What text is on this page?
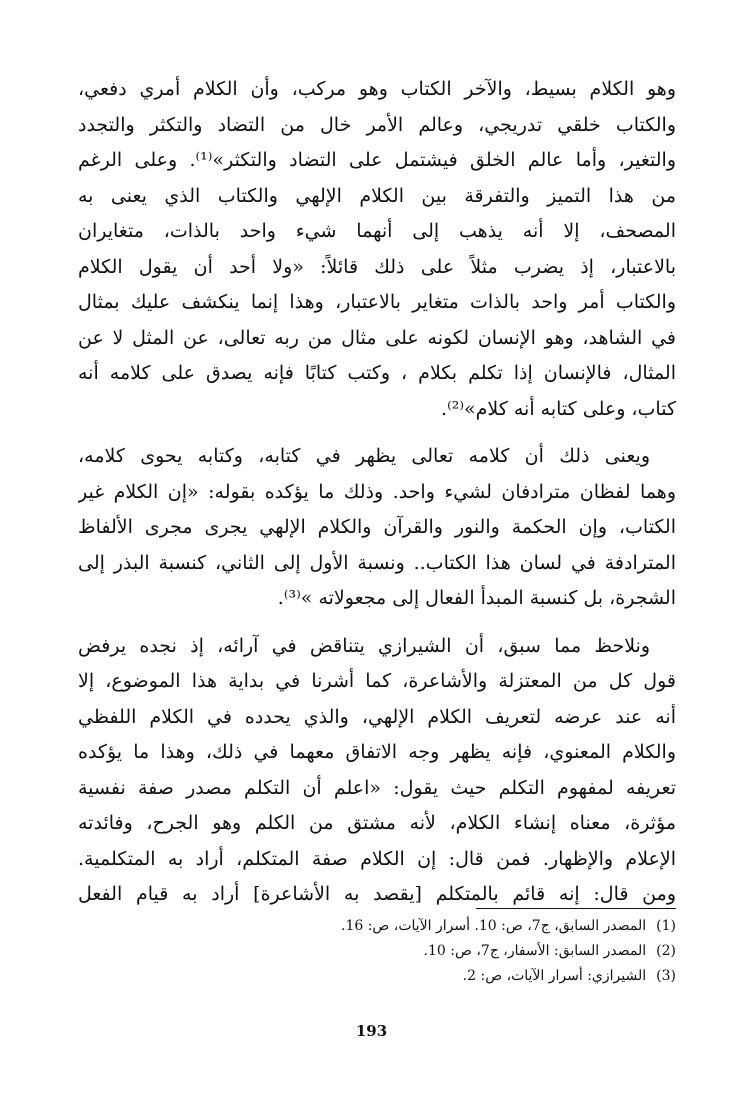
وهو الكلام بسيط، والآخر الكتاب وهو مركب، وأن الكلام أمري دفعي،
والكتاب خلقي تدريجي، وعالم الأمر خال من التضاد والتكثر والتجدد
والتغير، وأما عالم الخلق فيشتمل على التضاد والتكثر»⁽¹⁾. وعلى الرغم
من هذا التميز والتفرقة بين الكلام الإلهي والكتاب الذي يعنى به
المصحف، إلا أنه يذهب إلى أنهما شيء واحد بالذات، متغايران
بالاعتبار، إذ يضرب مثلاً على ذلك قائلاً: «ولا أحد أن يقول الكلام
والكتاب أمر واحد بالذات متغاير بالاعتبار، وهذا إنما ينكشف عليك بمثال
في الشاهد، وهو الإنسان لكونه على مثال من ربه تعالى، عن المثل لا عن
المثال، فالإنسان إذا تكلم بكلام ، وكتب كتابًا فإنه يصدق على كلامه أنه
كتاب، وعلى كتابه أنه كلام»⁽²⁾.

ويعنى ذلك أن كلامه تعالى يظهر في كتابه، وكتابه يحوى كلامه،
وهما لفظان مترادفان لشيء واحد. وذلك ما يؤكده بقوله: «إن الكلام غير
الكتاب، وإن الحكمة والنور والقرآن والكلام الإلهي يجرى مجرى الألفاظ
المترادفة في لسان هذا الكتاب.. ونسبة الأول إلى الثاني، كنسبة البذر إلى
الشجرة، بل كنسبة المبدأ الفعال إلى مجعولاته »⁽³⁾.

ونلاحظ مما سبق، أن الشيرازي يتناقض في آرائه، إذ نجده يرفض
قول كل من المعتزلة والأشاعرة، كما أشرنا في بداية هذا الموضوع، إلا
أنه عند عرضه لتعريف الكلام الإلهي، والذي يحدده في الكلام اللفظي
والكلام المعنوي، فإنه يظهر وجه الاتفاق معهما في ذلك، وهذا ما يؤكده
تعريفه لمفهوم التكلم حيث يقول: «اعلم أن التكلم مصدر صفة نفسية
مؤثرة، معناه إنشاء الكلام، لأنه مشتق من الكلم وهو الجرح، وفائدته
الإعلام والإظهار. فمن قال: إن الكلام صفة المتكلم، أراد به المتكلمية.
ومن قال: إنه قائم بالمتكلم [يقصد به الأشاعرة] أراد به قيام الفعل

(1)المصدر السابق، ج7، ص: 10. أسرار الآيات، ص: 16.
(2)المصدر السابق: الأسفار، ج7، ص: 10.
(3)الشيرازي: أسرار الآيات، ص: 2.
193
